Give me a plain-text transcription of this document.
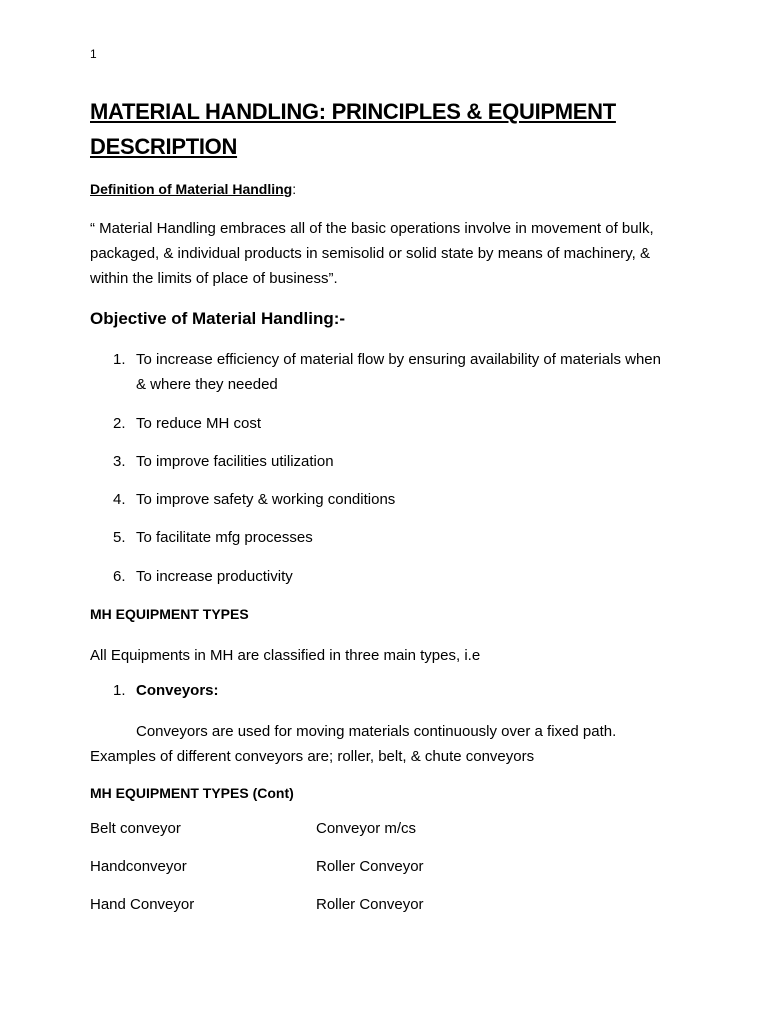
1
MATERIAL HANDLING: PRINCIPLES & EQUIPMENT DESCRIPTION
Definition of Material Handling:
“ Material Handling embraces all of the basic operations involve in movement of bulk, packaged, & individual products in semisolid or solid state by means of machinery, & within the limits of place of business”.
Objective of Material Handling:-
1. To increase efficiency of material flow by ensuring availability of materials when & where they needed
2. To reduce MH cost
3. To improve facilities utilization
4. To improve safety & working conditions
5. To facilitate mfg processes
6. To increase productivity
MH EQUIPMENT TYPES
All Equipments in MH are classified in three main types, i.e
1. Conveyors:
Conveyors are used for moving materials continuously over a fixed path. Examples of different conveyors are; roller, belt, & chute conveyors
MH EQUIPMENT TYPES (Cont)
Belt conveyor	Conveyor m/cs
Handconveyor	Roller Conveyor
Hand Conveyor	Roller Conveyor
